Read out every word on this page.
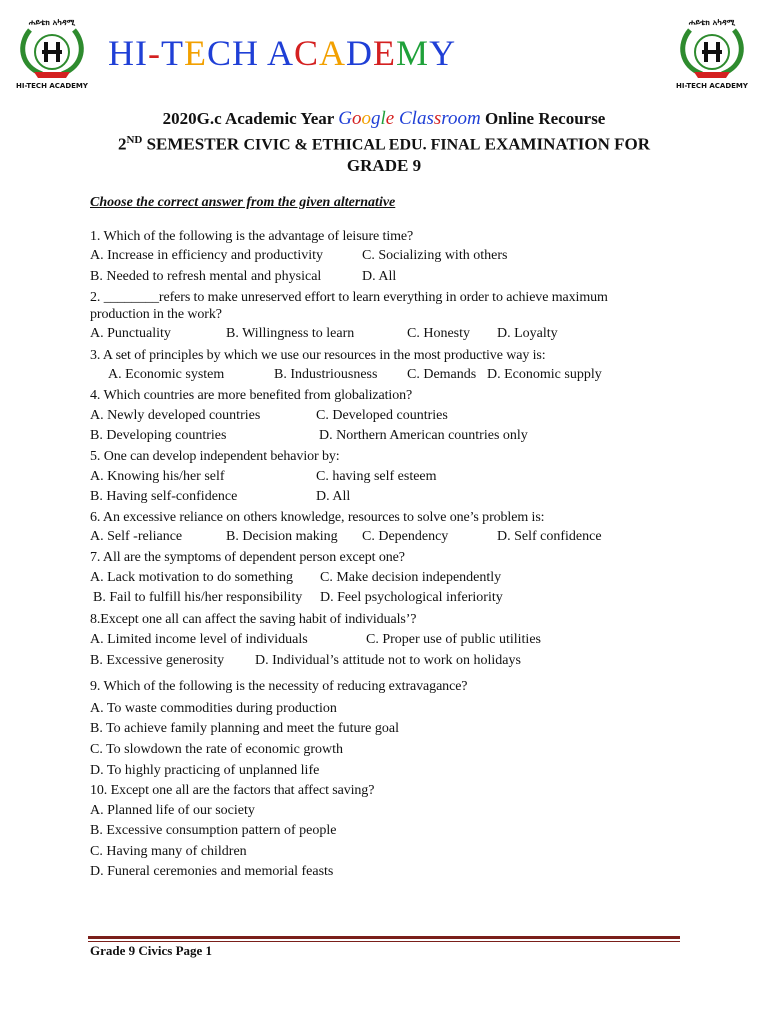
ሐይቴክ አካዳሚ
HI-TECH ACADEMY
ሐይቴክ አካዳሚ
HI-TECH ACADEMY
HI-TECH ACADEMY
2020G.c Academic Year Google Classroom Online Recourse
2ND SEMESTER CIVIC & ETHICAL EDU. FINAL EXAMINATION FOR
GRADE 9
Choose the correct answer from the given alternative
1. Which of the following is the advantage of leisure time?
A. Increase in efficiency and productivity	C. Socializing with others
B. Needed to refresh mental and physical	D. All
2. ________refers to make unreserved effort to learn everything in order to achieve maximum production in the work?
A. Punctuality	B. Willingness to learn	C. Honesty D. Loyalty
3. A set of principles by which we use our resources in the most productive way is:
A. Economic system	B. Industriousness C. Demands D. Economic supply
4. Which countries are more benefited from globalization?
A. Newly developed countries	C. Developed countries
B. Developing countries	D. Northern American countries only
5. One can develop independent behavior by:
A. Knowing his/her self	C. having self esteem
B. Having self-confidence	D. All
6. An excessive reliance on others knowledge, resources to solve one’s problem is:
A. Self -reliance	B. Decision making C. Dependency	D. Self confidence
7. All are the symptoms of dependent person except one?
A. Lack motivation to do something C. Make decision independently
B. Fail to fulfill his/her responsibility D. Feel psychological inferiority
8.Except one all can affect the saving habit of individuals’?
A. Limited income level of individuals	C. Proper use of public utilities
B. Excessive generosity D. Individual’s attitude not to work on holidays
9. Which of the following is the necessity of reducing extravagance?
A. To waste commodities during production
B. To achieve family planning and meet the future goal
C. To slowdown the rate of economic growth
D. To highly practicing of unplanned life
10. Except one all are the factors that affect saving?
A. Planned life of our society
B. Excessive consumption pattern of people
C. Having many of children
D. Funeral ceremonies and memorial feasts
Grade 9 Civics Page 1
